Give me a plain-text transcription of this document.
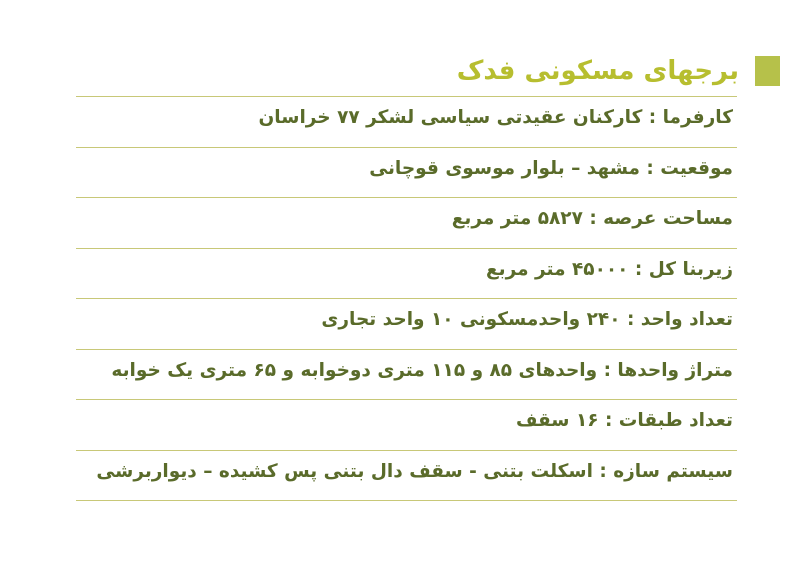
برجهای مسکونی فدک
کارفرما : کارکنان عقیدتی سیاسی لشکر ۷۷ خراسان
موقعیت : مشهد – بلوار موسوی قوچانی
مساحت عرصه : ۵۸۲۷ متر مربع
زیربنا کل : ۴۵۰۰۰ متر مربع
تعداد واحد : ۲۴۰ واحدمسکونی ۱۰ واحد تجاری
متراژ واحدها : واحدهای ۸۵ و ۱۱۵ متری دوخوابه و ۶۵ متری یک خوابه
تعداد طبقات : ۱۶ سقف
سیستم سازه : اسکلت بتنی - سقف دال بتنی پس کشیده – دیواربرشی
